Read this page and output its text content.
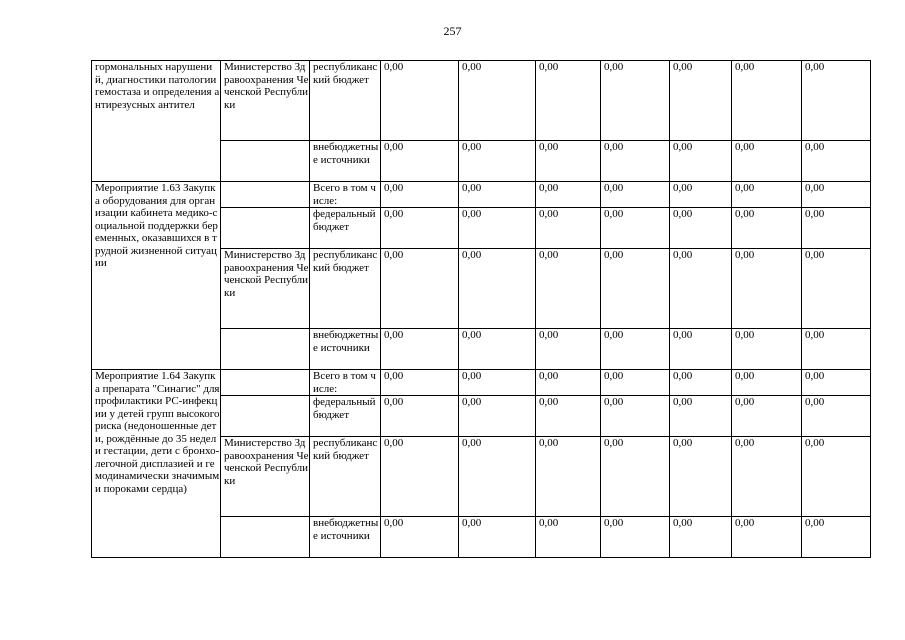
257
гормональных нарушений, диагностики патологии гемостаза и определения антирезусных антител	Министерство Здравоохранения Чеченской Республики	республиканский бюджет	0,00	0,00	0,00	0,00	0,00	0,00	0,00
		внебюджетные источники	0,00	0,00	0,00	0,00	0,00	0,00	0,00
Мероприятие 1.63 Закупка оборудования для организации кабинета медико-социальной поддержки беременных, оказавшихся в трудной жизненной ситуации		Всего в том числе:	0,00	0,00	0,00	0,00	0,00	0,00	0,00
		федеральный бюджет	0,00	0,00	0,00	0,00	0,00	0,00	0,00
	Министерство Здравоохранения Чеченской Республики	республиканский бюджет	0,00	0,00	0,00	0,00	0,00	0,00	0,00
		внебюджетные источники	0,00	0,00	0,00	0,00	0,00	0,00	0,00
Мероприятие 1.64 Закупка препарата "Синагис" для профилактики РС-инфекции у детей групп высокого риска (недоношенные дети, рождённые до 35 недели гестации, дети с бронхо-легочной дисплазией и гемодинамически значимыми пороками сердца)		Всего в том числе:	0,00	0,00	0,00	0,00	0,00	0,00	0,00
		федеральный бюджет	0,00	0,00	0,00	0,00	0,00	0,00	0,00
	Министерство Здравоохранения Чеченской Республики	республиканский бюджет	0,00	0,00	0,00	0,00	0,00	0,00	0,00
		внебюджетные источники	0,00	0,00	0,00	0,00	0,00	0,00	0,00
